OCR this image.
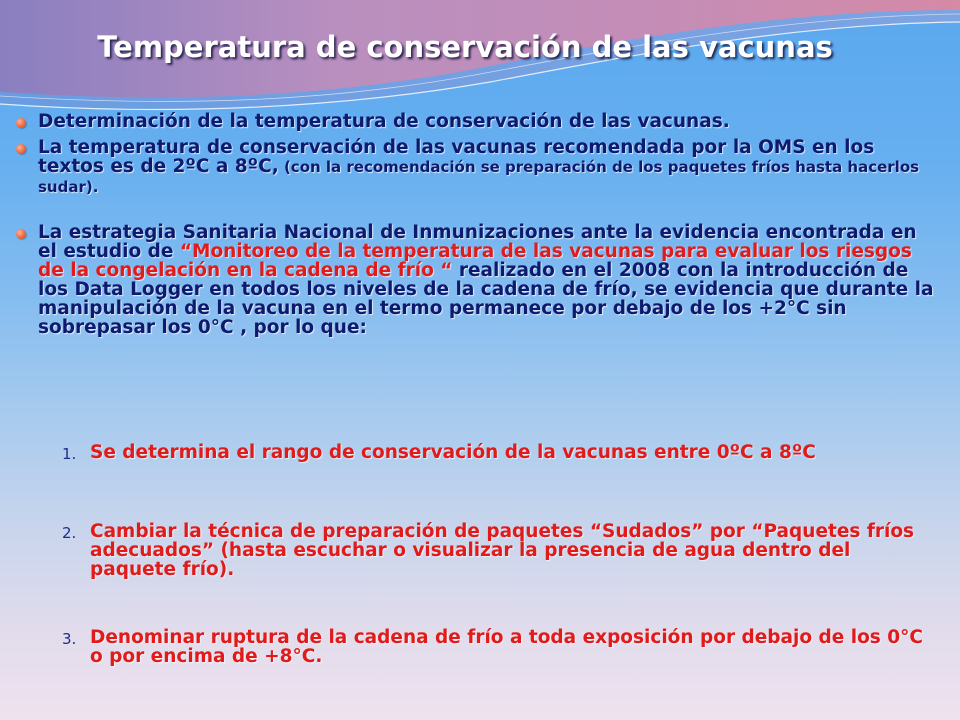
Temperatura de conservación de las vacunas
Determinación de la temperatura de conservación de las vacunas.
La temperatura de conservación de las vacunas recomendada por la OMS en los textos es de 2ºC a 8ºC, (con la recomendación se preparación de los paquetes fríos hasta hacerlos sudar).
La estrategia Sanitaria Nacional de Inmunizaciones ante la evidencia encontrada en el estudio de “Monitoreo de la temperatura de las vacunas para evaluar los riesgos de la congelación en la cadena de frío “ realizado en el 2008 con la introducción de los Data Logger en todos los niveles de la cadena de frío, se evidencia que durante la manipulación de la vacuna en el termo permanece por debajo de los +2°C sin sobrepasar los 0°C , por lo que:
1. Se determina el rango de conservación de la vacunas entre 0ºC a 8ºC
2. Cambiar la técnica de preparación de paquetes “Sudados” por “Paquetes fríos adecuados” (hasta escuchar o visualizar la presencia de agua dentro del paquete frío).
3. Denominar ruptura de la cadena de frío a toda exposición por debajo de los 0°C o por encima de +8°C.
